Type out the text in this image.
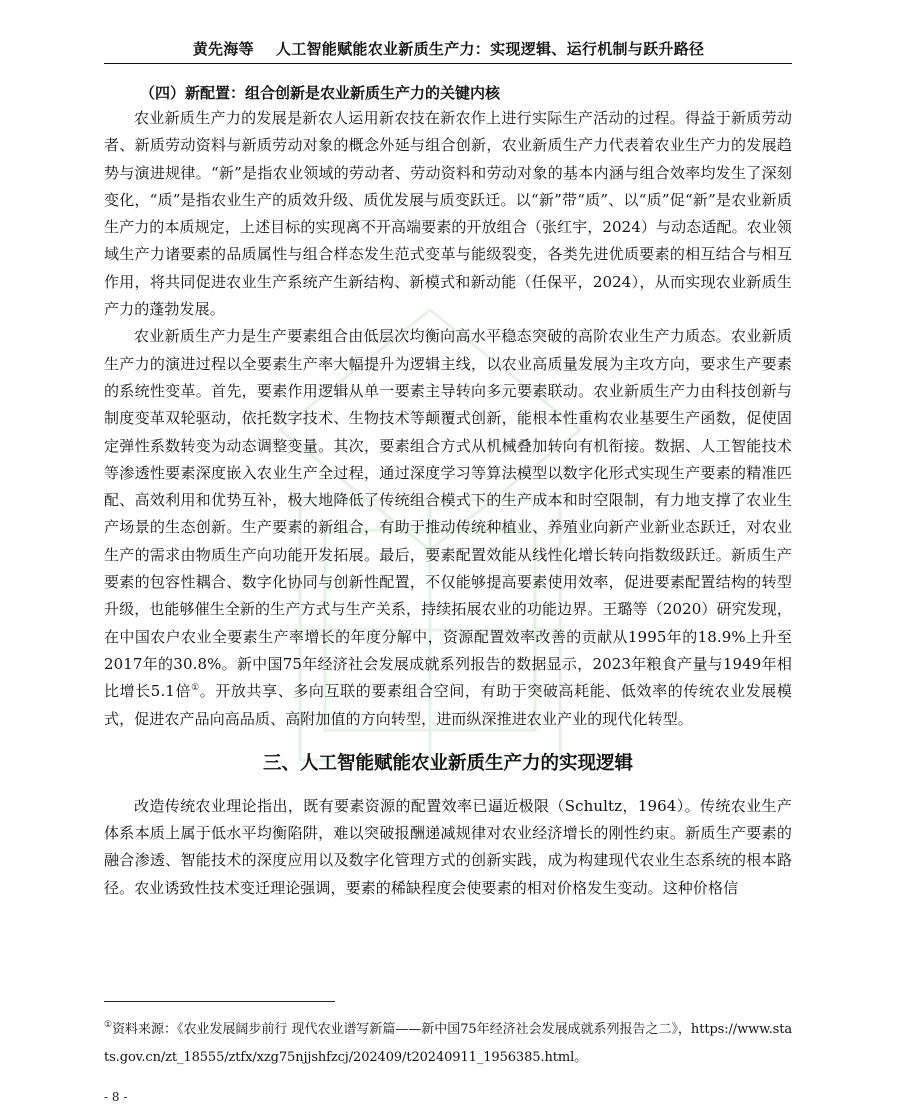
黄先海等 人工智能赋能农业新质生产力：实现逻辑、运行机制与跃升路径

（四）新配置：组合创新是农业新质生产力的关键内核

农业新质生产力的发展是新农人运用新农技在新农作上进行实际生产活动的过程。得益于新质劳动者、新质劳动资料与新质劳动对象的概念外延与组合创新，农业新质生产力代表着农业生产力的发展趋势与演进规律。“新”是指农业领域的劳动者、劳动资料和劳动对象的基本内涵与组合效率均发生了深刻变化，“质”是指农业生产的质效升级、质优发展与质变跃迁。以“新”带“质”、以“质”促“新”是农业新质生产力的本质规定，上述目标的实现离不开高端要素的开放组合（张红宇，2024）与动态适配。农业领域生产力诸要素的品质属性与组合样态发生范式变革与能级裂变，各类先进优质要素的相互结合与相互作用，将共同促进农业生产系统产生新结构、新模式和新动能（任保平，2024），从而实现农业新质生产力的蓬勃发展。

农业新质生产力是生产要素组合由低层次均衡向高水平稳态突破的高阶农业生产力质态。农业新质生产力的演进过程以全要素生产率大幅提升为逻辑主线，以农业高质量发展为主攻方向，要求生产要素的系统性变革。首先，要素作用逻辑从单一要素主导转向多元要素联动。农业新质生产力由科技创新与制度变革双轮驱动，依托数字技术、生物技术等颠覆式创新，能根本性重构农业基要生产函数，促使固定弹性系数转变为动态调整变量。其次，要素组合方式从机械叠加转向有机衔接。数据、人工智能技术等渗透性要素深度嵌入农业生产全过程，通过深度学习等算法模型以数字化形式实现生产要素的精准匹配、高效利用和优势互补，极大地降低了传统组合模式下的生产成本和时空限制，有力地支撑了农业生产场景的生态创新。生产要素的新组合，有助于推动传统种植业、养殖业向新产业新业态跃迁，对农业生产的需求由物质生产向功能开发拓展。最后，要素配置效能从线性化增长转向指数级跃迁。新质生产要素的包容性耦合、数字化协同与创新性配置，不仅能够提高要素使用效率，促进要素配置结构的转型升级，也能够催生全新的生产方式与生产关系，持续拓展农业的功能边界。王璐等（2020）研究发现，在中国农户农业全要素生产率增长的年度分解中，资源配置效率改善的贡献从1995年的18.9%上升至2017年的30.8%。新中国75年经济社会发展成就系列报告的数据显示，2023年粮食产量与1949年相比增长5.1倍①。开放共享、多向互联的要素组合空间，有助于突破高耗能、低效率的传统农业发展模式，促进农产品向高品质、高附加值的方向转型，进而纵深推进农业产业的现代化转型。

三、人工智能赋能农业新质生产力的实现逻辑

改造传统农业理论指出，既有要素资源的配置效率已逼近极限（Schultz，1964）。传统农业生产体系本质上属于低水平均衡陷阱，难以突破报酬递减规律对农业经济增长的刚性约束。新质生产要素的融合渗透、智能技术的深度应用以及数字化管理方式的创新实践，成为构建现代农业生态系统的根本路径。农业诱致性技术变迁理论强调，要素的稀缺程度会使要素的相对价格发生变动。这种价格信

①资料来源：《农业发展阔步前行 现代农业谱写新篇——新中国75年经济社会发展成就系列报告之二》，https://www.stats.gov.cn/zt_18555/ztfx/xzg75njjshfzcj/202409/t20240911_1956385.html。
- 8 -
